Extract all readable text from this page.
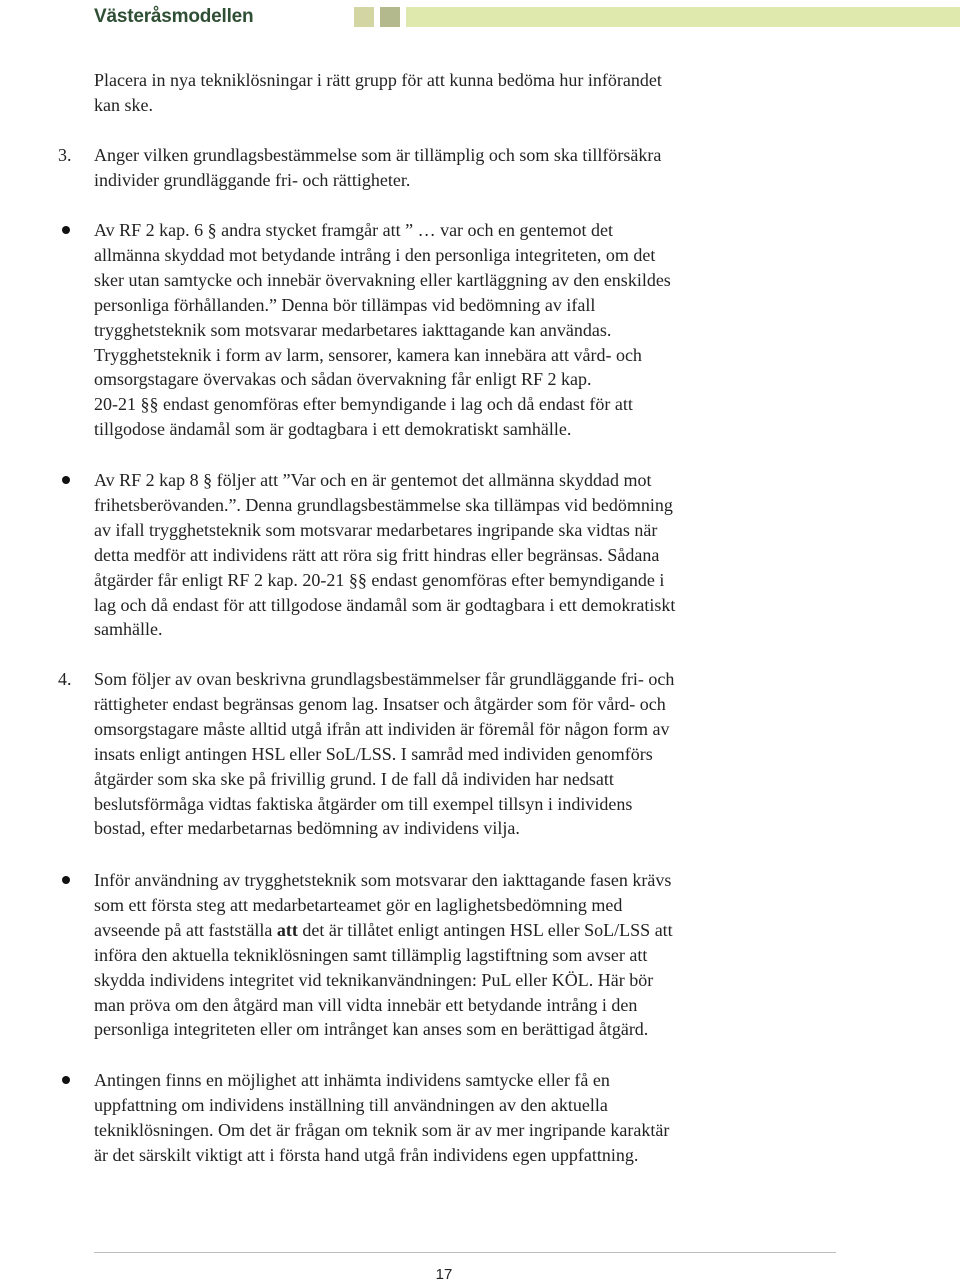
Västeråsmodellen
Placera in nya tekniklösningar i rätt grupp för att kunna bedöma hur införandet
kan ske.
3. Anger vilken grundlagsbestämmelse som är tillämplig och som ska tillförsäkra
individer grundläggande fri- och rättigheter.
Av RF 2 kap. 6 § andra stycket framgår att ” … var och en gentemot det
allmänna skyddad mot betydande intrång i den personliga integriteten, om det
sker utan samtycke och innebär övervakning eller kartläggning av den enskildes
personliga förhållanden.” Denna bör tillämpas vid bedömning av ifall
trygghetsteknik som motsvarar medarbetares iakttagande kan användas.
Trygghetsteknik i form av larm, sensorer, kamera kan innebära att vård- och
omsorgstagare övervakas och sådan övervakning får enligt RF 2 kap.
20-21 §§ endast genomföras efter bemyndigande i lag och då endast för att
tillgodose ändamål som är godtagbara i ett demokratiskt samhälle.
Av RF 2 kap 8 § följer att ”Var och en är gentemot det allmänna skyddad mot
frihetsberövanden.”. Denna grundlagsbestämmelse ska tillämpas vid bedömning
av ifall trygghetsteknik som motsvarar medarbetares ingripande ska vidtas när
detta medför att individens rätt att röra sig fritt hindras eller begränsas. Sådana
åtgärder får enligt RF 2 kap. 20-21 §§ endast genomföras efter bemyndigande i
lag och då endast för att tillgodose ändamål som är godtagbara i ett demokratiskt
samhälle.
4. Som följer av ovan beskrivna grundlagsbestämmelser får grundläggande fri- och
rättigheter endast begränsas genom lag. Insatser och åtgärder som för vård- och
omsorgstagare måste alltid utgå ifrån att individen är föremål för någon form av
insats enligt antingen HSL eller SoL/LSS. I samråd med individen genomförs
åtgärder som ska ske på frivillig grund. I de fall då individen har nedsatt
beslutsförmåga vidtas faktiska åtgärder om till exempel tillsyn i individens
bostad, efter medarbetarnas bedömning av individens vilja.
Inför användning av trygghetsteknik som motsvarar den iakttagande fasen krävs
som ett första steg att medarbetarteamet gör en laglighetsbedömning med
avseende på att fastställa att det är tillåtet enligt antingen HSL eller SoL/LSS att
införa den aktuella tekniklösningen samt tillämplig lagstiftning som avser att
skydda individens integritet vid teknikanvändningen: PuL eller KÖL. Här bör
man pröva om den åtgärd man vill vidta innebär ett betydande intrång i den
personliga integriteten eller om intrånget kan anses som en berättigad åtgärd.
Antingen finns en möjlighet att inhämta individens samtycke eller få en
uppfattning om individens inställning till användningen av den aktuella
tekniklösningen. Om det är frågan om teknik som är av mer ingripande karaktär
är det särskilt viktigt att i första hand utgå från individens egen uppfattning.
17
